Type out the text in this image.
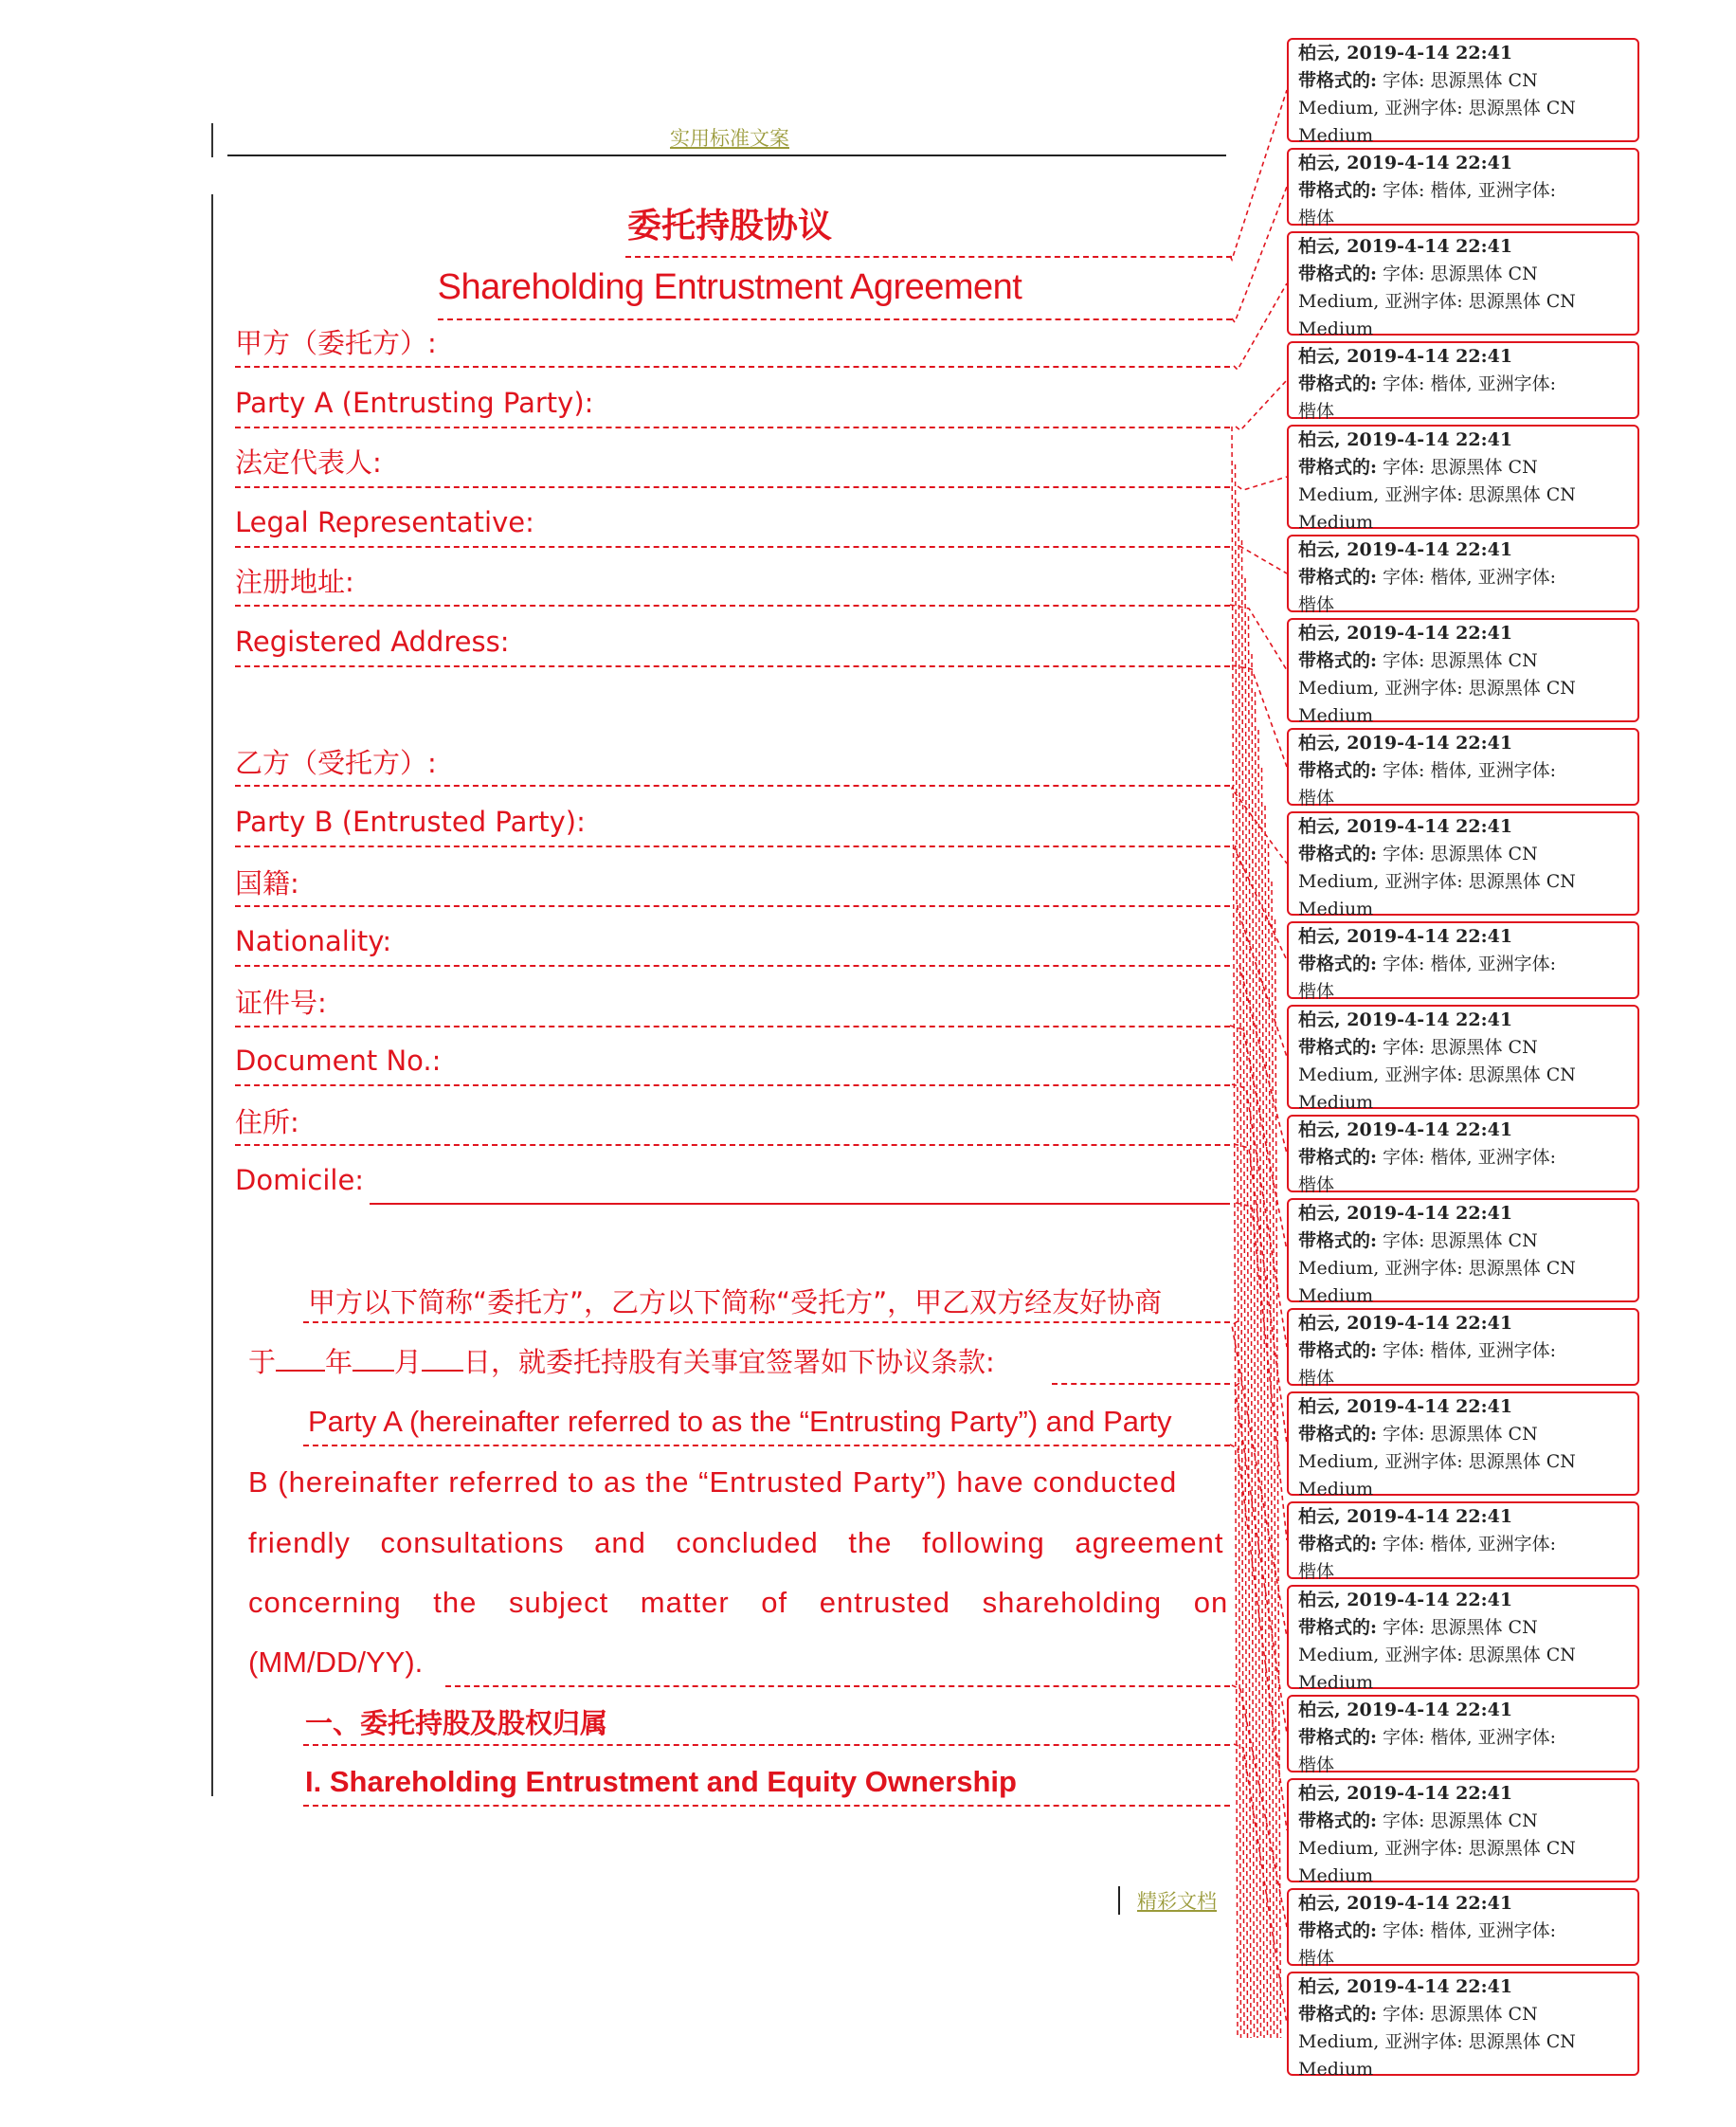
实用标准文案
委托持股协议
Shareholding Entrustment Agreement
甲方（委托方）:
Party A (Entrusting Party):
法定代表人:
Legal Representative:
注册地址:
Registered Address:
乙方（受托方）:
Party B (Entrusted Party):
国籍:
Nationality:
证件号:
Document No.:
住所:
Domicile:
甲方以下简称“委托方”，乙方以下简称“受托方”，甲乙双方经友好协商
于 年 月 日，就委托持股有关事宜签署如下协议条款:
Party A (hereinafter referred to as the “Entrusting Party”) and Party
B (hereinafter referred to as the “Entrusted Party”) have conducted
friendly consultations and concluded the following agreement
concerning the subject matter of entrusted shareholding on
(MM/DD/YY).
一、委托持股及股权归属
I. Shareholding Entrustment and Equity Ownership
精彩文档
柏云, 2019-4-14 22:41
带格式的: 字体: 思源黑体 CN
Medium, 亚洲字体: 思源黑体 CN
Medium
柏云, 2019-4-14 22:41
带格式的: 字体: 楷体, 亚洲字体:
楷体
柏云, 2019-4-14 22:41
带格式的: 字体: 思源黑体 CN
Medium, 亚洲字体: 思源黑体 CN
Medium
柏云, 2019-4-14 22:41
带格式的: 字体: 楷体, 亚洲字体:
楷体
柏云, 2019-4-14 22:41
带格式的: 字体: 思源黑体 CN
Medium, 亚洲字体: 思源黑体 CN
Medium
柏云, 2019-4-14 22:41
带格式的: 字体: 楷体, 亚洲字体:
楷体
柏云, 2019-4-14 22:41
带格式的: 字体: 思源黑体 CN
Medium, 亚洲字体: 思源黑体 CN
Medium
柏云, 2019-4-14 22:41
带格式的: 字体: 楷体, 亚洲字体:
楷体
柏云, 2019-4-14 22:41
带格式的: 字体: 思源黑体 CN
Medium, 亚洲字体: 思源黑体 CN
Medium
柏云, 2019-4-14 22:41
带格式的: 字体: 楷体, 亚洲字体:
楷体
柏云, 2019-4-14 22:41
带格式的: 字体: 思源黑体 CN
Medium, 亚洲字体: 思源黑体 CN
Medium
柏云, 2019-4-14 22:41
带格式的: 字体: 楷体, 亚洲字体:
楷体
柏云, 2019-4-14 22:41
带格式的: 字体: 思源黑体 CN
Medium, 亚洲字体: 思源黑体 CN
Medium
柏云, 2019-4-14 22:41
带格式的: 字体: 楷体, 亚洲字体:
楷体
柏云, 2019-4-14 22:41
带格式的: 字体: 思源黑体 CN
Medium, 亚洲字体: 思源黑体 CN
Medium
柏云, 2019-4-14 22:41
带格式的: 字体: 楷体, 亚洲字体:
楷体
柏云, 2019-4-14 22:41
带格式的: 字体: 思源黑体 CN
Medium, 亚洲字体: 思源黑体 CN
Medium
柏云, 2019-4-14 22:41
带格式的: 字体: 楷体, 亚洲字体:
楷体
柏云, 2019-4-14 22:41
带格式的: 字体: 思源黑体 CN
Medium, 亚洲字体: 思源黑体 CN
Medium
柏云, 2019-4-14 22:41
带格式的: 字体: 楷体, 亚洲字体:
楷体
柏云, 2019-4-14 22:41
带格式的: 字体: 思源黑体 CN
Medium, 亚洲字体: 思源黑体 CN
Medium
